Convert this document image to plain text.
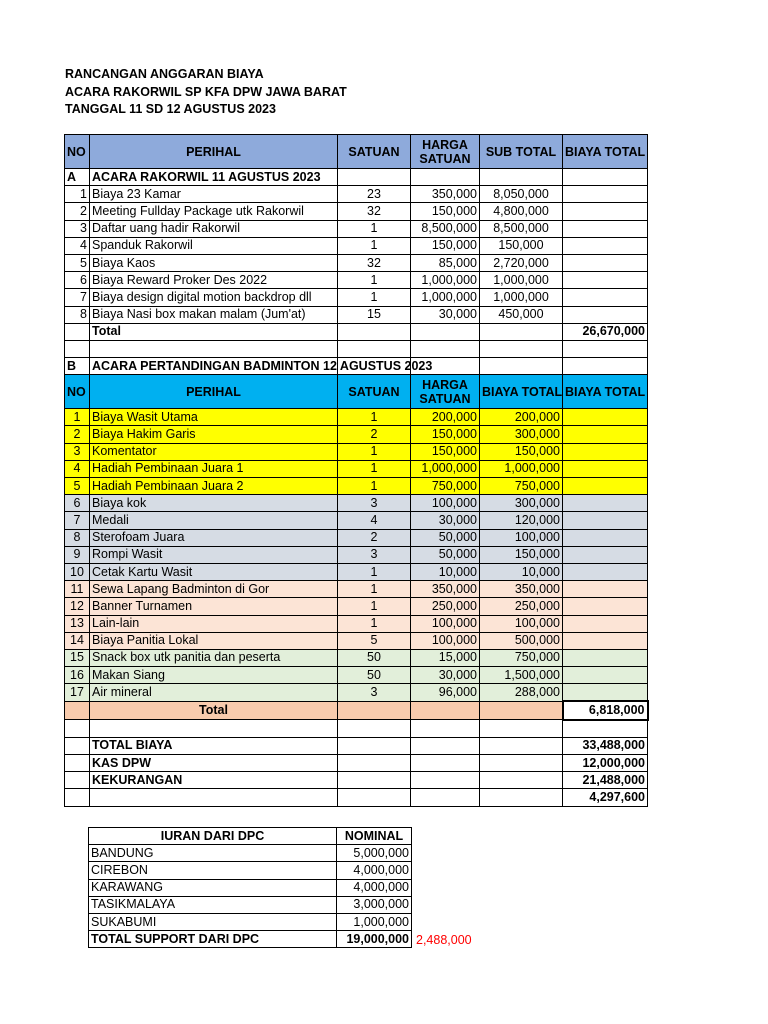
RANCANGAN ANGGARAN BIAYA
ACARA RAKORWIL SP KFA DPW JAWA BARAT
TANGGAL 11 SD 12 AGUSTUS 2023
NO	PERIHAL	SATUAN	HARGA SATUAN	SUB TOTAL	BIAYA TOTAL
A	ACARA RAKORWIL 11 AGUSTUS 2023				
1	Biaya 23 Kamar	23	350,000	8,050,000	
2	Meeting Fullday Package utk Rakorwil	32	150,000	4,800,000	
3	Daftar uang hadir Rakorwil	1	8,500,000	8,500,000	
4	Spanduk Rakorwil	1	150,000	150,000	
5	Biaya Kaos	32	85,000	2,720,000	
6	Biaya Reward Proker Des 2022	1	1,000,000	1,000,000	
7	Biaya design digital motion backdrop dll	1	1,000,000	1,000,000	
8	Biaya Nasi box makan malam (Jum'at)	15	30,000	450,000	
	Total				26,670,000

B	ACARA PERTANDINGAN BADMINTON 12 AGUSTUS 2023				
NO	PERIHAL	SATUAN	HARGA SATUAN	BIAYA TOTAL	BIAYA TOTAL
1	Biaya Wasit Utama	1	200,000	200,000	
2	Biaya Hakim Garis	2	150,000	300,000	
3	Komentator	1	150,000	150,000	
4	Hadiah Pembinaan Juara 1	1	1,000,000	1,000,000	
5	Hadiah Pembinaan Juara 2	1	750,000	750,000	
6	Biaya kok	3	100,000	300,000	
7	Medali	4	30,000	120,000	
8	Sterofoam Juara	2	50,000	100,000	
9	Rompi Wasit	3	50,000	150,000	
10	Cetak Kartu Wasit	1	10,000	10,000	
11	Sewa Lapang Badminton di Gor	1	350,000	350,000	
12	Banner Turnamen	1	250,000	250,000	
13	Lain-lain	1	100,000	100,000	
14	Biaya Panitia Lokal	5	100,000	500,000	
15	Snack box utk panitia dan peserta	50	15,000	750,000	
16	Makan Siang	50	30,000	1,500,000	
17	Air mineral	3	96,000	288,000	
	Total				6,818,000

	TOTAL BIAYA				33,488,000
	KAS DPW				12,000,000
	KEKURANGAN				21,488,000
					4,297,600
IURAN DARI DPC	NOMINAL
BANDUNG	5,000,000
CIREBON	4,000,000
KARAWANG	4,000,000
TASIKMALAYA	3,000,000
SUKABUMI	1,000,000
TOTAL SUPPORT DARI DPC	19,000,000 2,488,000
